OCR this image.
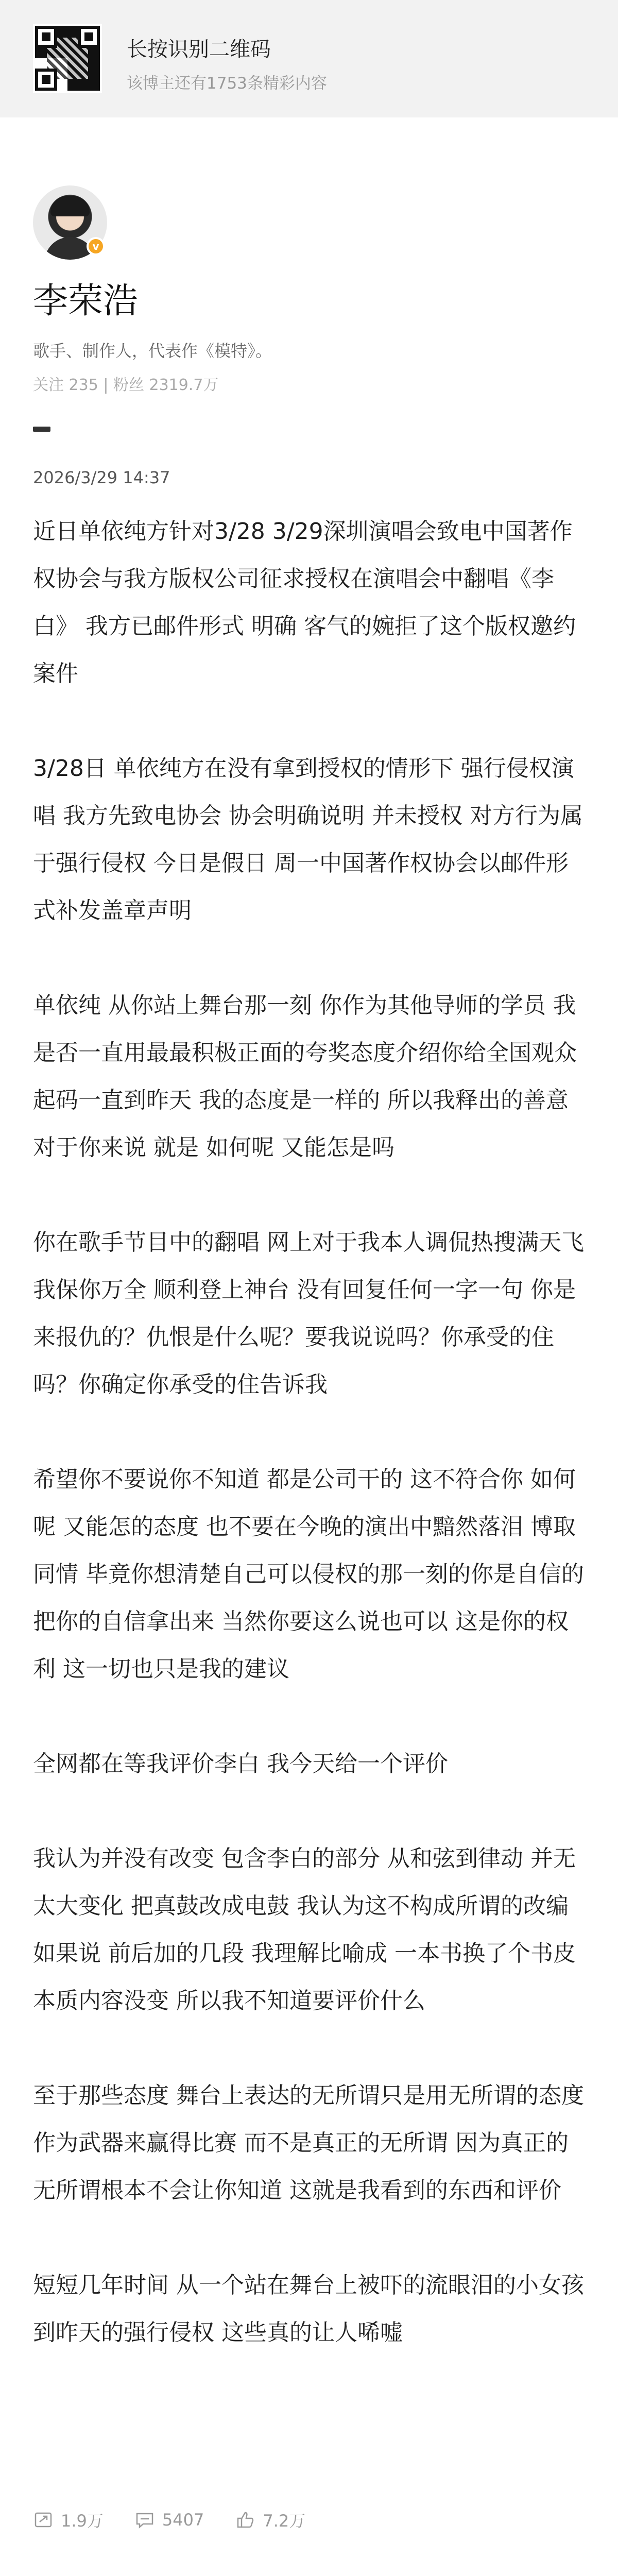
长按识别二维码
该博主还有1753条精彩内容
v
李荣浩
歌手、制作人，代表作《模特》。
关注 235 | 粉丝 2319.7万
2026/3/29 14:37

近日单依纯方针对3/28 3/29深圳演唱会致电中国著作权协会与我方版权公司征求授权在演唱会中翻唱《李白》 我方已邮件形式 明确 客气的婉拒了这个版权邀约案件

3/28日 单依纯方在没有拿到授权的情形下 强行侵权演唱 我方先致电协会 协会明确说明 并未授权 对方行为属于强行侵权 今日是假日 周一中国著作权协会以邮件形式补发盖章声明

单依纯 从你站上舞台那一刻 你作为其他导师的学员 我是否一直用最最积极正面的夸奖态度介绍你给全国观众 起码一直到昨天 我的态度是一样的 所以我释出的善意对于你来说 就是 如何呢 又能怎是吗

你在歌手节目中的翻唱 网上对于我本人调侃热搜满天飞 我保你万全 顺利登上神台 没有回复任何一字一句 你是来报仇的？仇恨是什么呢？要我说说吗？你承受的住吗？你确定你承受的住告诉我

希望你不要说你不知道 都是公司干的 这不符合你 如何呢 又能怎的态度 也不要在今晚的演出中黯然落泪 博取同情 毕竟你想清楚自己可以侵权的那一刻的你是自信的 把你的自信拿出来 当然你要这么说也可以 这是你的权利 这一切也只是我的建议

全网都在等我评价李白 我今天给一个评价

我认为并没有改变 包含李白的部分 从和弦到律动 并无太大变化 把真鼓改成电鼓 我认为这不构成所谓的改编 如果说 前后加的几段 我理解比喻成 一本书换了个书皮 本质内容没变 所以我不知道要评价什么

至于那些态度 舞台上表达的无所谓只是用无所谓的态度作为武器来赢得比赛 而不是真正的无所谓 因为真正的无所谓根本不会让你知道 这就是我看到的东西和评价

短短几年时间 从一个站在舞台上被吓的流眼泪的小女孩 到昨天的强行侵权 这些真的让人唏嘘

1.9万	5407	7.2万
